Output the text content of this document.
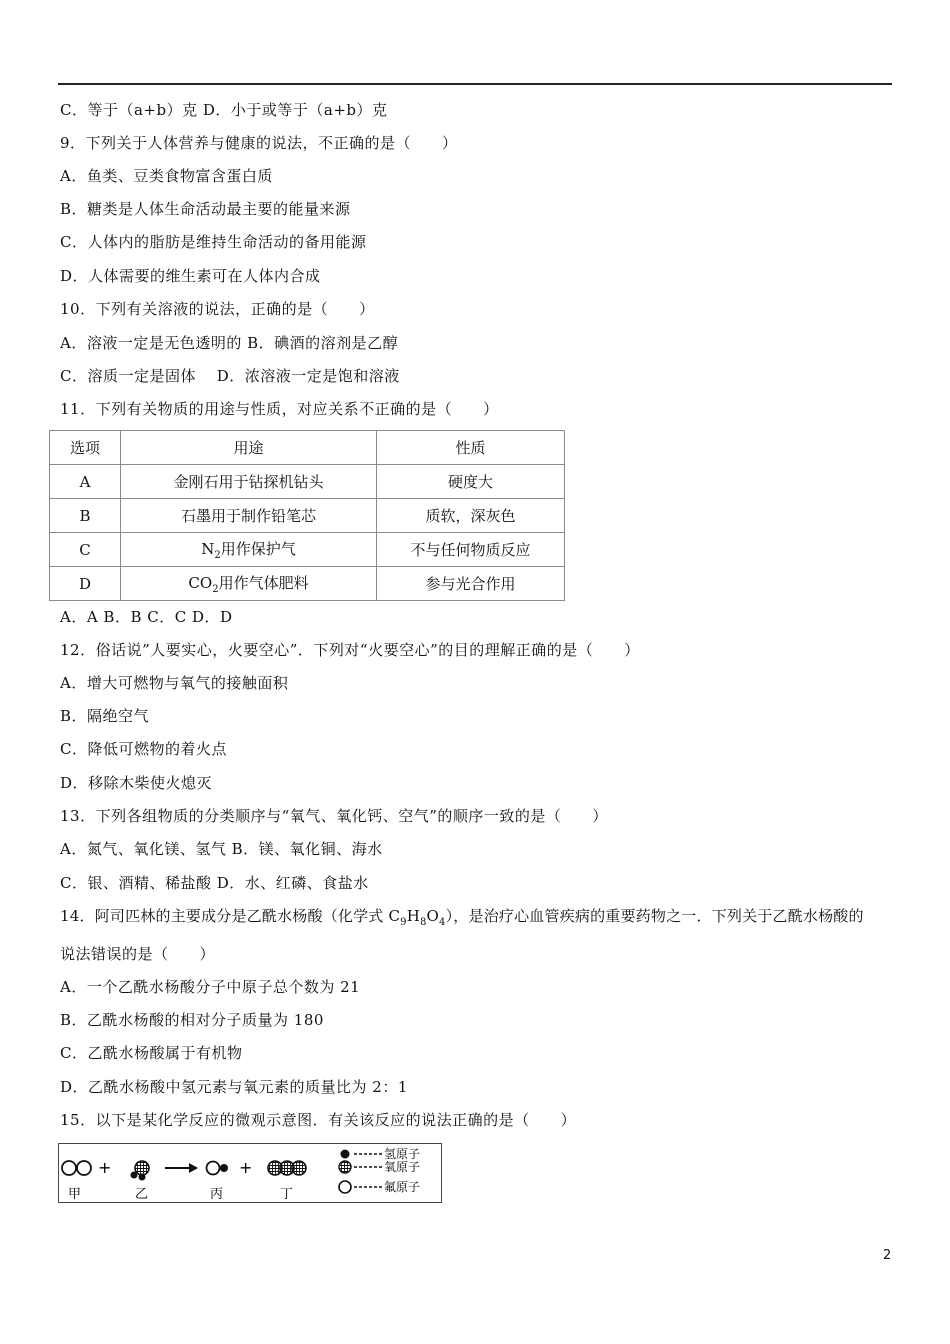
C．等于（a+b）克 D．小于或等于（a+b）克
9．下列关于人体营养与健康的说法，不正确的是（　　）
A．鱼类、豆类食物富含蛋白质
B．糖类是人体生命活动最主要的能量来源
C．人体内的脂肪是维持生命活动的备用能源
D．人体需要的维生素可在人体内合成
10．下列有关溶液的说法，正确的是（　　）
A．溶液一定是无色透明的 B．碘酒的溶剂是乙醇
C．溶质一定是固体　 D．浓溶液一定是饱和溶液
11．下列有关物质的用途与性质，对应关系不正确的是（　　）
选项	用途	性质
A	金刚石用于钻探机钻头	硬度大
B	石墨用于制作铅笔芯	质软，深灰色
C	$N_2$用作保护气	不与任何物质反应
D	$CO_2$用作气体肥料	参与光合作用
A．A B．B C．C D．D
12．俗话说”人要实心，火要空心”．下列对“火要空心”的目的理解正确的是（　　）
A．增大可燃物与氧气的接触面积
B．隔绝空气
C．降低可燃物的着火点
D．移除木柴使火熄灭
13．下列各组物质的分类顺序与“氧气、氧化钙、空气”的顺序一致的是（　　）
A．氮气、氧化镁、氢气 B．镁、氧化铜、海水
C．银、酒精、稀盐酸 D．水、红磷、食盐水
14．阿司匹林的主要成分是乙酰水杨酸（化学式 $C_9H_8O_4$），是治疗心血管疾病的重要药物之一．下列关于乙酰水杨酸的
说法错误的是（　　）
A．一个乙酰水杨酸分子中原子总个数为 21
B．乙酰水杨酸的相对分子质量为 180
C．乙酰水杨酸属于有机物
D．乙酰水杨酸中氢元素与氧元素的质量比为 2：1
15．以下是某化学反应的微观示意图．有关该反应的说法正确的是（　　）
+	+
甲	乙	丙	丁
氢原子
氧原子
氟原子
2
